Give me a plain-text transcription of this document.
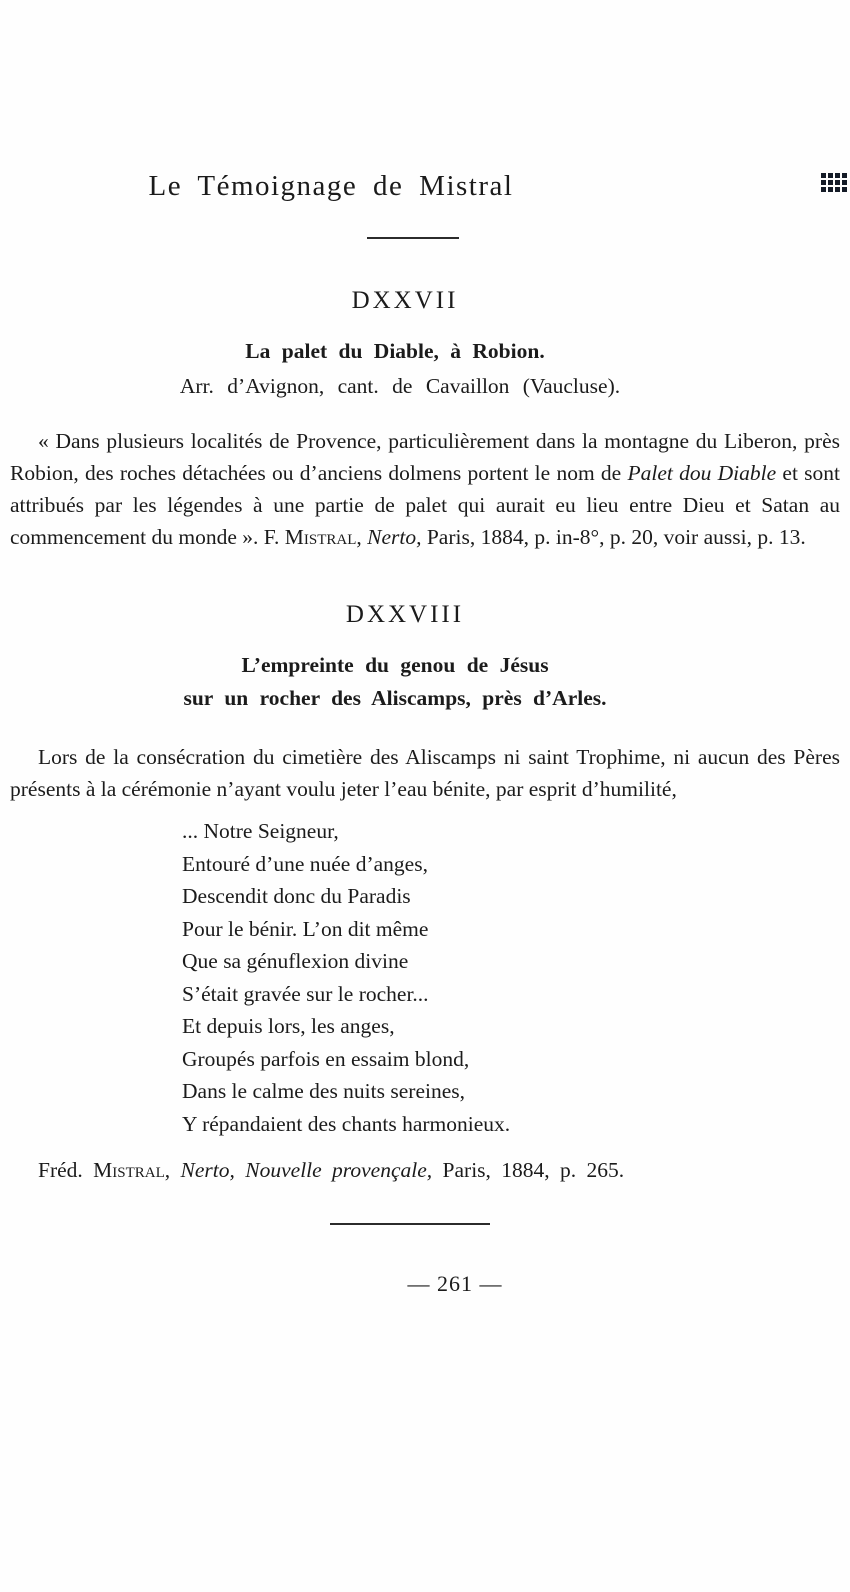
Le Témoignage de Mistral
DXXVII
La palet du Diable, à Robion.
Arr. d’Avignon, cant. de Cavaillon (Vaucluse).

« Dans plusieurs localités de Provence, particulièrement dans la montagne du Liberon, près Robion, des roches détachées ou d’anciens dolmens portent le nom de Palet dou Diable et sont attribués par les légendes à une partie de palet qui aurait eu lieu entre Dieu et Satan au commencement du monde ». F. Mistral, Nerto, Paris, 1884, p. in-8°, p. 20, voir aussi, p. 13.

DXXVIII
L’empreinte du genou de Jésus
sur un rocher des Aliscamps, près d’Arles.

Lors de la consécration du cimetière des Aliscamps ni saint Trophime, ni aucun des Pères présents à la cérémonie n’ayant voulu jeter l’eau bénite, par esprit d’humilité,

... Notre Seigneur,
Entouré d’une nuée d’anges,
Descendit donc du Paradis
Pour le bénir. L’on dit même
Que sa génuflexion divine
S’était gravée sur le rocher...
Et depuis lors, les anges,
Groupés parfois en essaim blond,
Dans le calme des nuits sereines,
Y répandaient des chants harmonieux.
Fréd. Mistral, Nerto, Nouvelle provençale, Paris, 1884, p. 265.
— 261 —
